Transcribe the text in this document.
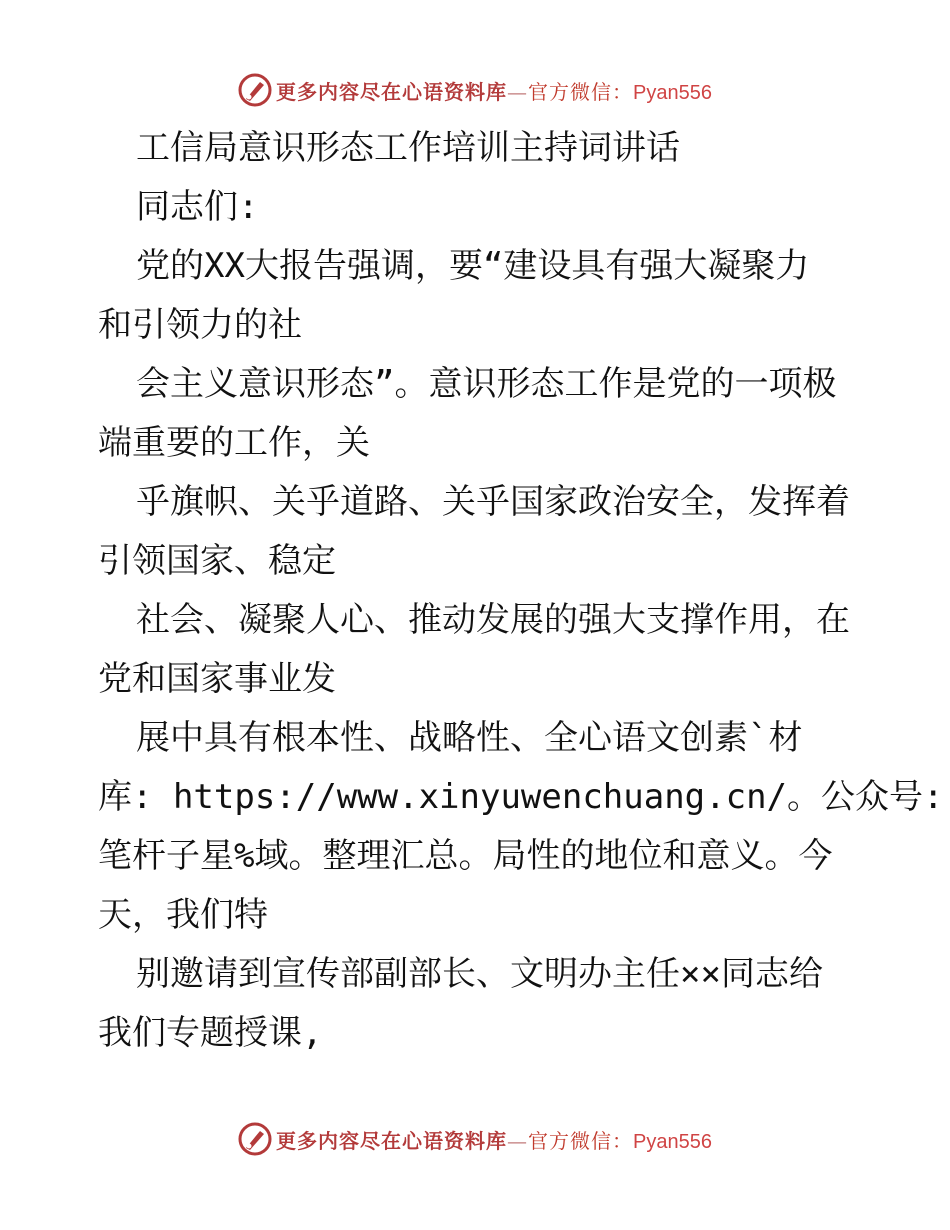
更多内容尽在心语资料库—官方微信：Pyan556
工信局意识形态工作培训主持词讲话
同志们:
党的XX大报告强调，要“建设具有强大凝聚力
和引领力的社
会主义意识形态”。意识形态工作是党的一项极
端重要的工作，关
乎旗帜、关乎道路、关乎国家政治安全，发挥着
引领国家、稳定
社会、凝聚人心、推动发展的强大支撑作用，在
党和国家事业发
展中具有根本性、战略性、全心语文创素`材
库: https://www.xinyuwenchuang.cn/。公众号:
笔杆子星%域。整理汇总。局性的地位和意义。今
天，我们特
别邀请到宣传部副部长、文明办主任××同志给
我们专题授课,
更多内容尽在心语资料库—官方微信：Pyan556
